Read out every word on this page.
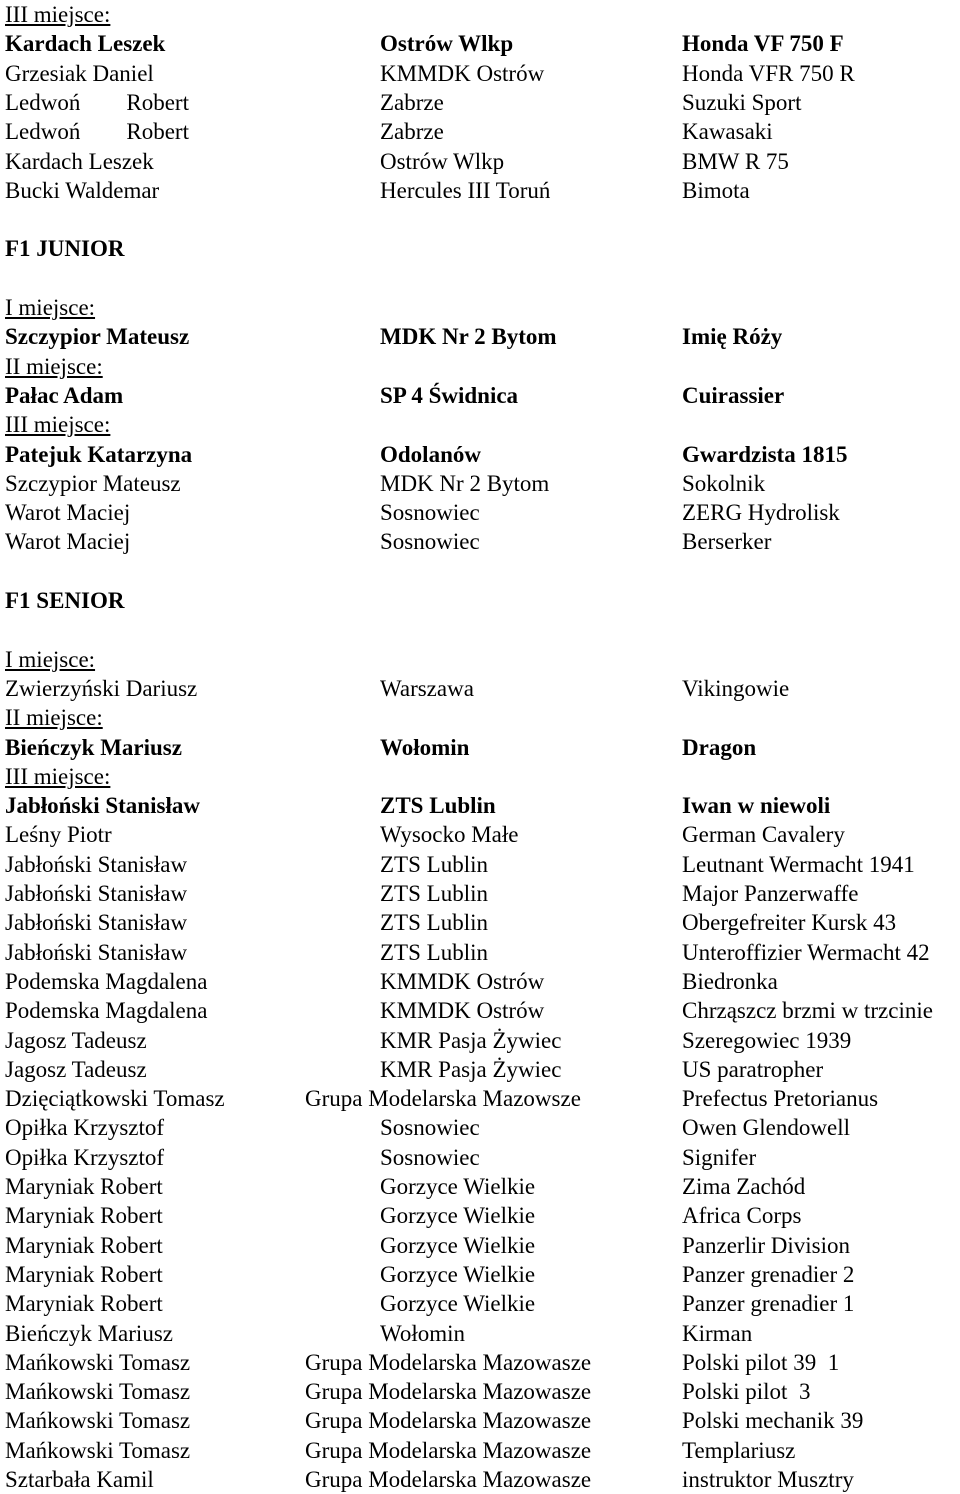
III miejsce:
Kardach Leszek	Ostrów Wlkp	Honda VF 750 F
Grzesiak Daniel	KMMDK Ostrów	Honda VFR 750 R
Ledwoń        Robert	Zabrze	Suzuki Sport
Ledwoń        Robert	Zabrze	Kawasaki
Kardach Leszek	Ostrów Wlkp	BMW R 75
Bucki Waldemar	Hercules III Toruń	Bimota
F1 JUNIOR
I miejsce:
Szczypior Mateusz	MDK Nr 2 Bytom	Imię Róży
II miejsce:
Pałac Adam	SP 4 Świdnica	Cuirassier
III miejsce:
Patejuk Katarzyna	Odolanów	Gwardzista 1815
Szczypior Mateusz	MDK Nr 2 Bytom	Sokolnik
Warot Maciej	Sosnowiec	ZERG Hydrolisk
Warot Maciej	Sosnowiec	Berserker
F1 SENIOR
I miejsce:
Zwierzyński Dariusz	Warszawa	Vikingowie
II miejsce:
Bieńczyk Mariusz	Wołomin	Dragon
III miejsce:
Jabłoński Stanisław	ZTS Lublin	Iwan w niewoli
Leśny Piotr	Wysocko Małe	German Cavalery
Jabłoński Stanisław	ZTS Lublin	Leutnant Wermacht 1941
Jabłoński Stanisław	ZTS Lublin	Major Panzerwaffe
Jabłoński Stanisław	ZTS Lublin	Obergefreiter Kursk 43
Jabłoński Stanisław	ZTS Lublin	Unteroffizier Wermacht 42
Podemska Magdalena	KMMDK Ostrów	Biedronka
Podemska Magdalena	KMMDK Ostrów	Chrząszcz brzmi w trzcinie
Jagosz Tadeusz	KMR Pasja Żywiec	Szeregowiec 1939
Jagosz Tadeusz	KMR Pasja Żywiec	US paratropher
Dzięciątkowski Tomasz	Grupa Modelarska Mazowsze	Prefectus Pretorianus
Opiłka Krzysztof	Sosnowiec	Owen Glendowell
Opiłka Krzysztof	Sosnowiec	Signifer
Maryniak Robert	Gorzyce Wielkie	Zima Zachód
Maryniak Robert	Gorzyce Wielkie	Africa Corps
Maryniak Robert	Gorzyce Wielkie	Panzerlir Division
Maryniak Robert	Gorzyce Wielkie	Panzer grenadier 2
Maryniak Robert	Gorzyce Wielkie	Panzer grenadier 1
Bieńczyk Mariusz	Wołomin	Kirman
Mańkowski Tomasz	Grupa Modelarska Mazowasze	Polski pilot 39  1
Mańkowski Tomasz	Grupa Modelarska Mazowasze	Polski pilot  3
Mańkowski Tomasz	Grupa Modelarska Mazowasze	Polski mechanik 39
Mańkowski Tomasz	Grupa Modelarska Mazowasze	Templariusz
Sztarbała Kamil	Grupa Modelarska Mazowasze	instruktor Musztry
